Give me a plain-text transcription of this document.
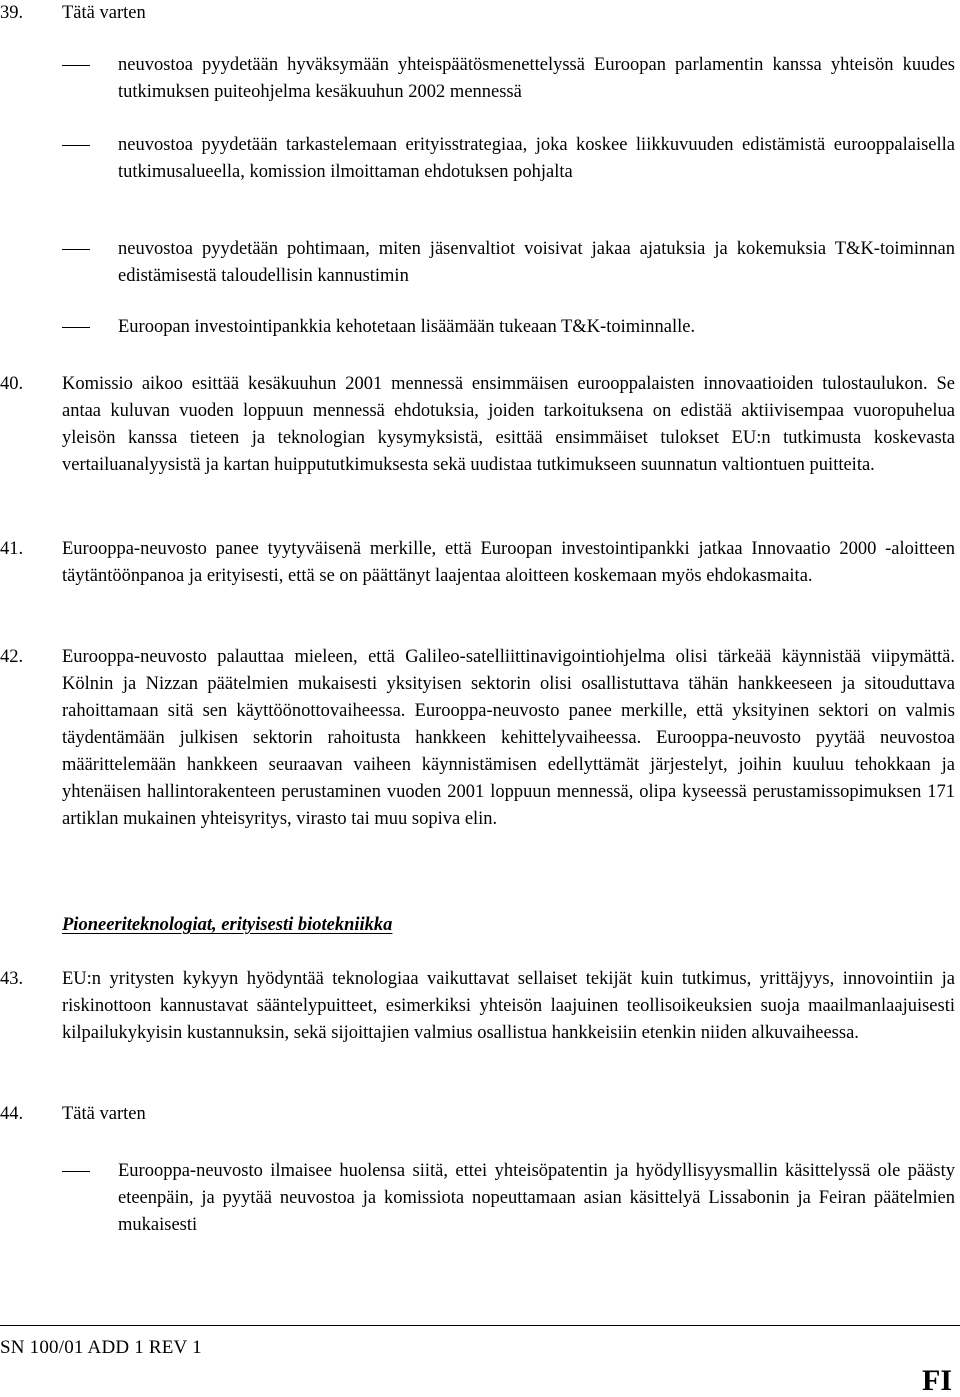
39.	Tätä varten
neuvostoa pyydetään hyväksymään yhteispäätösmenettelyssä Euroopan parlamentin kanssa yhteisön kuudes tutkimuksen puiteohjelma kesäkuuhun 2002 mennessä
neuvostoa pyydetään tarkastelemaan erityisstrategiaa, joka koskee liikkuvuuden edistämistä eurooppalaisella tutkimusalueella, komission ilmoittaman ehdotuksen pohjalta
neuvostoa pyydetään pohtimaan, miten jäsenvaltiot voisivat jakaa ajatuksia ja kokemuksia T&K-toiminnan edistämisestä taloudellisin kannustimin
Euroopan investointipankkia kehotetaan lisäämään tukeaan T&K-toiminnalle.
40.	Komissio aikoo esittää kesäkuuhun 2001 mennessä ensimmäisen eurooppalaisten innovaatioiden tulostaulukon. Se antaa kuluvan vuoden loppuun mennessä ehdotuksia, joiden tarkoituksena on edistää aktiivisempaa vuoropuhelua yleisön kanssa tieteen ja teknologian kysymyksistä, esittää ensimmäiset tulokset EU:n tutkimusta koskevasta vertailuanalyysistä ja kartan huippututkimuksesta sekä uudistaa tutkimukseen suunnatun valtiontuen puitteita.
41.	Eurooppa-neuvosto panee tyytyväisenä merkille, että Euroopan investointipankki jatkaa Innovaatio 2000 -aloitteen täytäntöönpanoa ja erityisesti, että se on päättänyt laajentaa aloitteen koskemaan myös ehdokasmaita.
42.	Eurooppa-neuvosto palauttaa mieleen, että Galileo-satelliittinavigointiohjelma olisi tärkeää käynnistää viipymättä. Kölnin ja Nizzan päätelmien mukaisesti yksityisen sektorin olisi osallistuttava tähän hankkeeseen ja sitouduttava rahoittamaan sitä sen käyttöönottovaiheessa. Eurooppa-neuvosto panee merkille, että yksityinen sektori on valmis täydentämään julkisen sektorin rahoitusta hankkeen kehittelyvaiheessa. Eurooppa-neuvosto pyytää neuvostoa määrittelemään hankkeen seuraavan vaiheen käynnistämisen edellyttämät järjestelyt, joihin kuuluu tehokkaan ja yhtenäisen hallintorakenteen perustaminen vuoden 2001 loppuun mennessä, olipa kyseessä perustamissopimuksen 171 artiklan mukainen yhteisyritys, virasto tai muu sopiva elin.
Pioneeriteknologiat, erityisesti biotekniikka
43.	EU:n yritysten kykyyn hyödyntää teknologiaa vaikuttavat sellaiset tekijät kuin tutkimus, yrittäjyys, innovointiin ja riskinottoon kannustavat sääntelypuitteet, esimerkiksi yhteisön laajuinen teollisoikeuksien suoja maailmanlaajuisesti kilpailukykyisin kustannuksin, sekä sijoittajien valmius osallistua hankkeisiin etenkin niiden alkuvaiheessa.
44.	Tätä varten
Eurooppa-neuvosto ilmaisee huolensa siitä, ettei yhteisöpatentin ja hyödyllisyysmallin käsittelyssä ole päästy eteenpäin, ja pyytää neuvostoa ja komissiota nopeuttamaan asian käsittelyä Lissabonin ja Feiran päätelmien mukaisesti
SN 100/01 ADD 1 REV 1
FI
